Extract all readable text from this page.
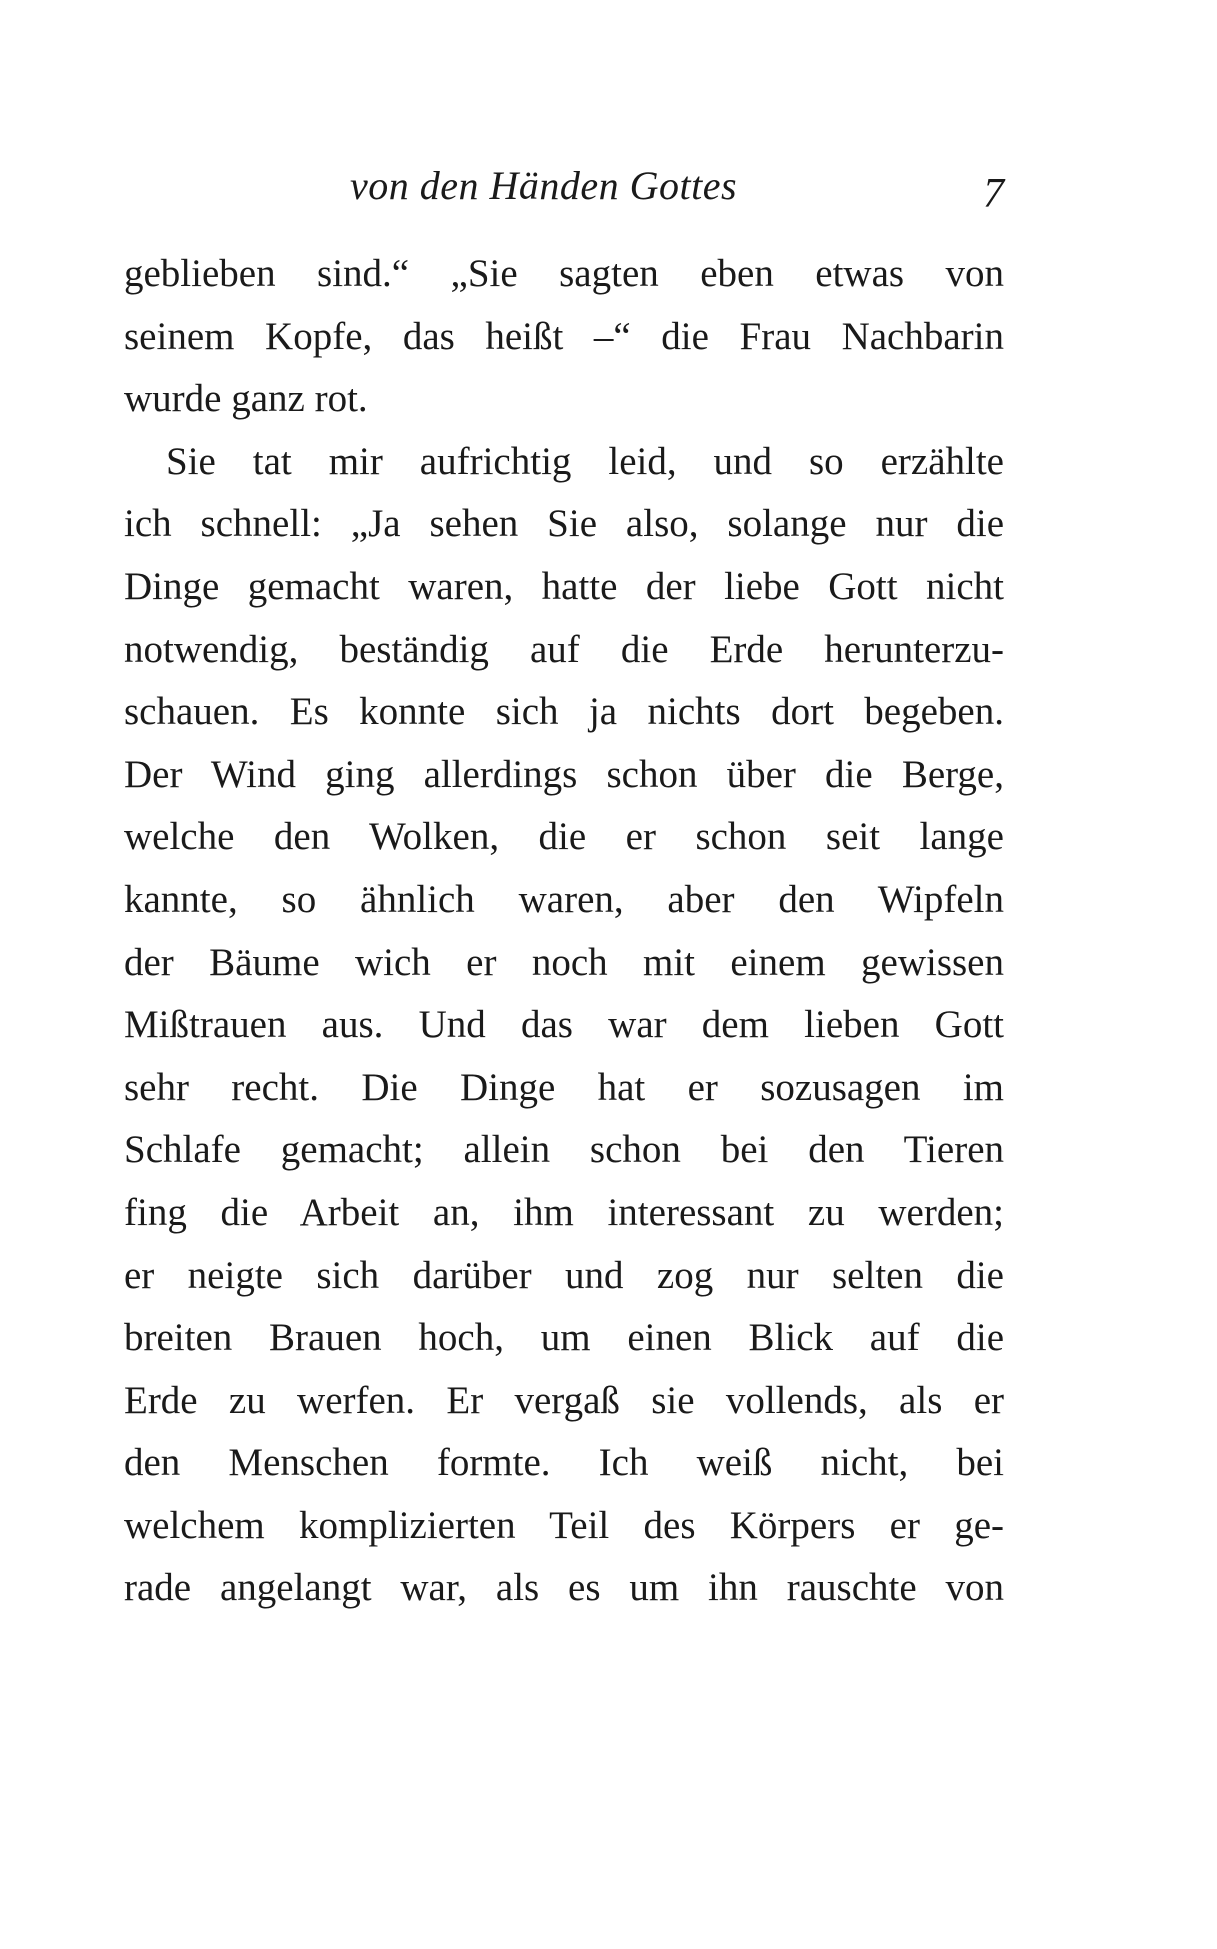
von den Händen Gottes	7
geblieben sind.“ „Sie sagten eben etwas von
seinem Kopfe, das heißt –“ die Frau Nachbarin
wurde ganz rot.
Sie tat mir aufrichtig leid, und so erzählte
ich schnell: „Ja sehen Sie also, solange nur die
Dinge gemacht waren, hatte der liebe Gott nicht
notwendig, beständig auf die Erde herunterzu-
schauen. Es konnte sich ja nichts dort begeben.
Der Wind ging allerdings schon über die Berge,
welche den Wolken, die er schon seit lange
kannte, so ähnlich waren, aber den Wipfeln
der Bäume wich er noch mit einem gewissen
Mißtrauen aus. Und das war dem lieben Gott
sehr recht. Die Dinge hat er sozusagen im
Schlafe gemacht; allein schon bei den Tieren
fing die Arbeit an, ihm interessant zu werden;
er neigte sich darüber und zog nur selten die
breiten Brauen hoch, um einen Blick auf die
Erde zu werfen. Er vergaß sie vollends, als er
den Menschen formte. Ich weiß nicht, bei
welchem komplizierten Teil des Körpers er ge-
rade angelangt war, als es um ihn rauschte von
